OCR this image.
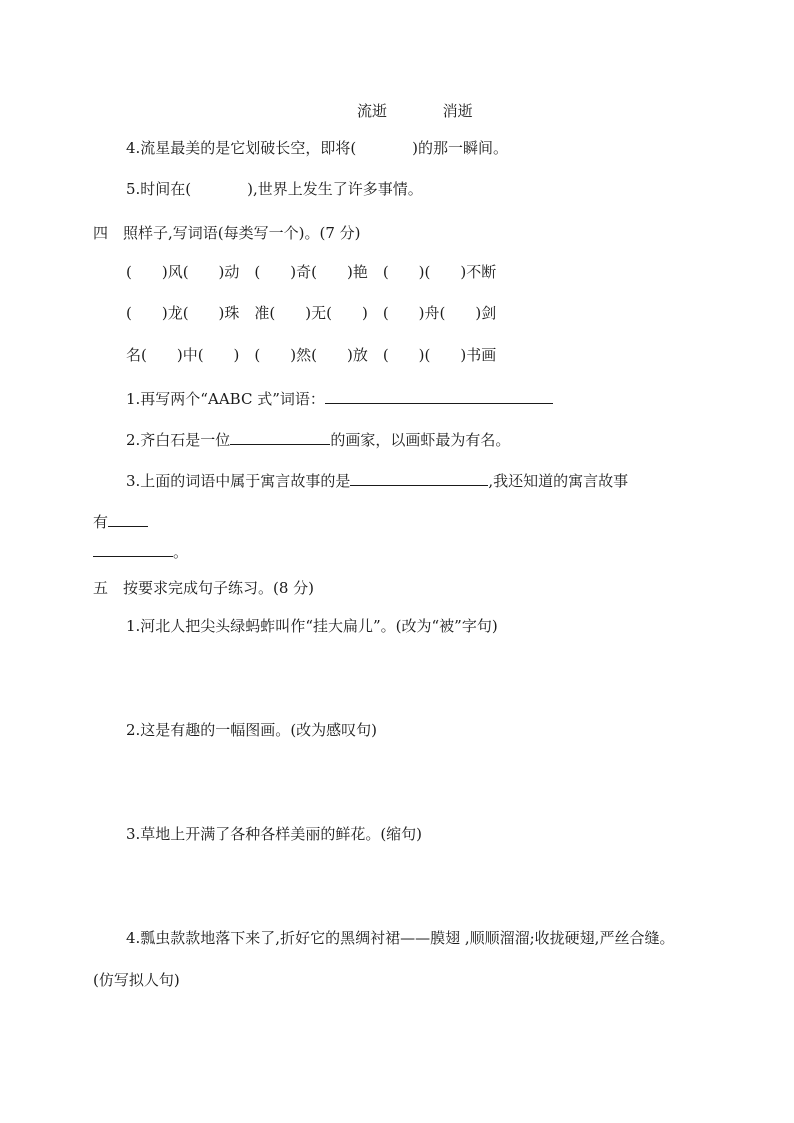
流逝	消逝
4.流星最美的是它划破长空，即将(	)的那一瞬间。
5.时间在(	),世界上发生了许多事情。
四 照样子,写词语(每类写一个)。(7 分)
(　　)风(　　)动　(　　)奇(　　)艳　(　　)(　　)不断
(　　)龙(　　)珠　准(　　)无(　　)　(　　)舟(　　)剑
名(　　)中(　　)　(　　)然(　　)放　(　　)(　　)书画
1.再写两个“AABC 式”词语：
2.齐白石是一位	的画家，以画虾最为有名。
3.上面的词语中属于寓言故事的是	,我还知道的寓言故事
有
。
五 按要求完成句子练习。(8 分)
1.河北人把尖头绿蚂蚱叫作“挂大扁儿”。(改为“被”字句)
2.这是有趣的一幅图画。(改为感叹句)
3.草地上开满了各种各样美丽的鲜花。(缩句)
4.瓢虫款款地落下来了,折好它的黑绸衬裙——膜翅 ,顺顺溜溜;收拢硬翅,严丝合缝。
(仿写拟人句)
